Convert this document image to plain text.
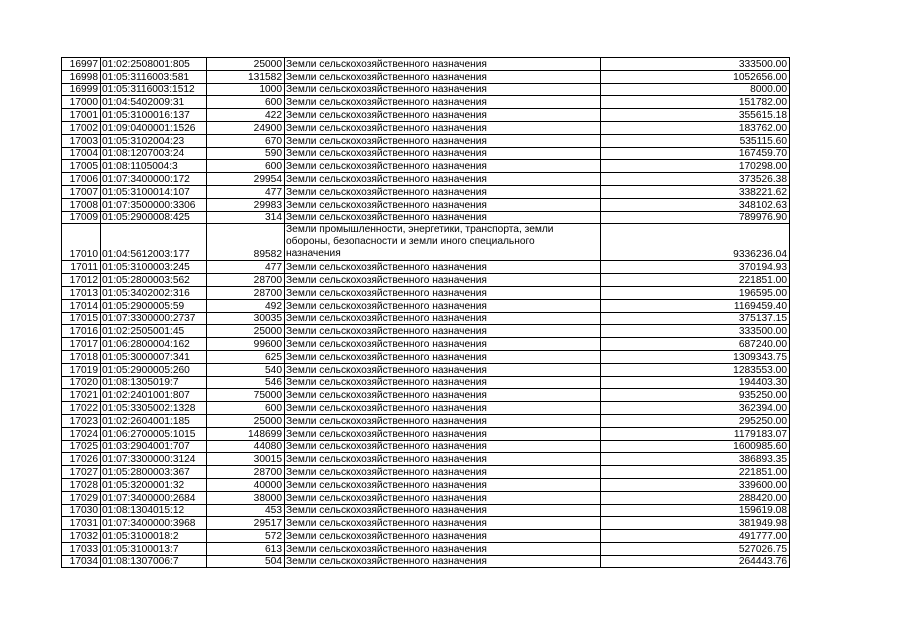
16997	01:02:2508001:805	25000	Земли сельскохозяйственного назначения	333500.00
16998	01:05:3116003:581	131582	Земли сельскохозяйственного назначения	1052656.00
16999	01:05:3116003:1512	1000	Земли сельскохозяйственного назначения	8000.00
17000	01:04:5402009:31	600	Земли сельскохозяйственного назначения	151782.00
17001	01:05:3100016:137	422	Земли сельскохозяйственного назначения	355615.18
17002	01:09:0400001:1526	24900	Земли сельскохозяйственного назначения	183762.00
17003	01:05:3102004:23	670	Земли сельскохозяйственного назначения	535115.60
17004	01:08:1207003:24	590	Земли сельскохозяйственного назначения	167459.70
17005	01:08:1105004:3	600	Земли сельскохозяйственного назначения	170298.00
17006	01:07:3400000:172	29954	Земли сельскохозяйственного назначения	373526.38
17007	01:05:3100014:107	477	Земли сельскохозяйственного назначения	338221.62
17008	01:07:3500000:3306	29983	Земли сельскохозяйственного назначения	348102.63
17009	01:05:2900008:425	314	Земли сельскохозяйственного назначения	789976.90
17010	01:04:5612003:177	89582	Земли промышленности, энергетики, транспорта, земли обороны, безопасности и земли иного специального назначения	9336236.04
17011	01:05:3100003:245	477	Земли сельскохозяйственного назначения	370194.93
17012	01:05:2800003:562	28700	Земли сельскохозяйственного назначения	221851.00
17013	01:05:3402002:316	28700	Земли сельскохозяйственного назначения	196595.00
17014	01:05:2900005:59	492	Земли сельскохозяйственного назначения	1169459.40
17015	01:07:3300000:2737	30035	Земли сельскохозяйственного назначения	375137.15
17016	01:02:2505001:45	25000	Земли сельскохозяйственного назначения	333500.00
17017	01:06:2800004:162	99600	Земли сельскохозяйственного назначения	687240.00
17018	01:05:3000007:341	625	Земли сельскохозяйственного назначения	1309343.75
17019	01:05:2900005:260	540	Земли сельскохозяйственного назначения	1283553.00
17020	01:08:1305019:7	546	Земли сельскохозяйственного назначения	194403.30
17021	01:02:2401001:807	75000	Земли сельскохозяйственного назначения	935250.00
17022	01:05:3305002:1328	600	Земли сельскохозяйственного назначения	362394.00
17023	01:02:2604001:185	25000	Земли сельскохозяйственного назначения	295250.00
17024	01:06:2700005:1015	148699	Земли сельскохозяйственного назначения	1179183.07
17025	01:03:2904001:707	44080	Земли сельскохозяйственного назначения	1600985.60
17026	01:07:3300000:3124	30015	Земли сельскохозяйственного назначения	386893.35
17027	01:05:2800003:367	28700	Земли сельскохозяйственного назначения	221851.00
17028	01:05:3200001:32	40000	Земли сельскохозяйственного назначения	339600.00
17029	01:07:3400000:2684	38000	Земли сельскохозяйственного назначения	288420.00
17030	01:08:1304015:12	453	Земли сельскохозяйственного назначения	159619.08
17031	01:07:3400000:3968	29517	Земли сельскохозяйственного назначения	381949.98
17032	01:05:3100018:2	572	Земли сельскохозяйственного назначения	491777.00
17033	01:05:3100013:7	613	Земли сельскохозяйственного назначения	527026.75
17034	01:08:1307006:7	504	Земли сельскохозяйственного назначения	264443.76
